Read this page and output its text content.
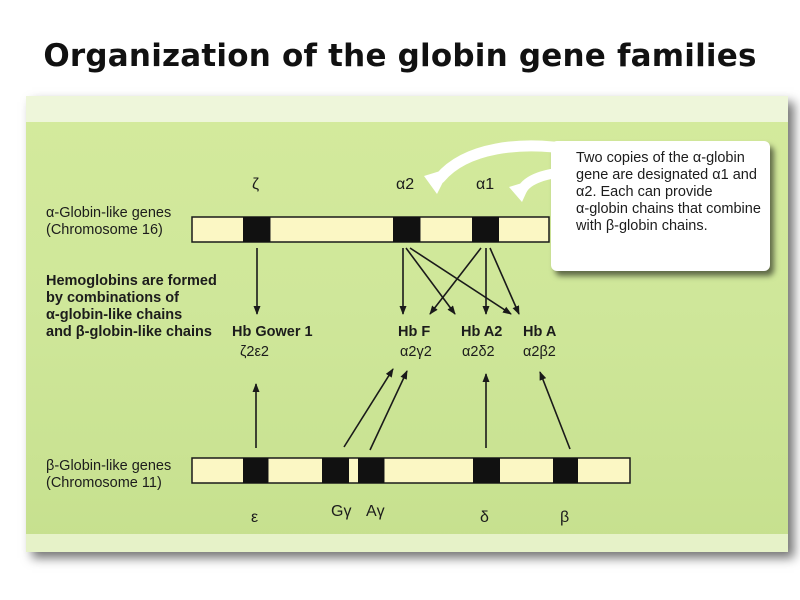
Organization of the globin gene families
Two copies of the α-globin
gene are designated α1 and
α2. Each can provide
α-globin chains that combine
with β-globin chains.
α-Globin-like genes
(Chromosome 16)
ζ	α2	α1
Hemoglobins are formed
by combinations of
α-globin-like chains
and β-globin-like chains	Hb Gower 1	Hb F Hb A2 Hb A
ζ2ε2	α2γ2 α2δ2 α2β2
β-Globin-like genes
(Chromosome 11)
ε	Gγ Aγ	δ	β
